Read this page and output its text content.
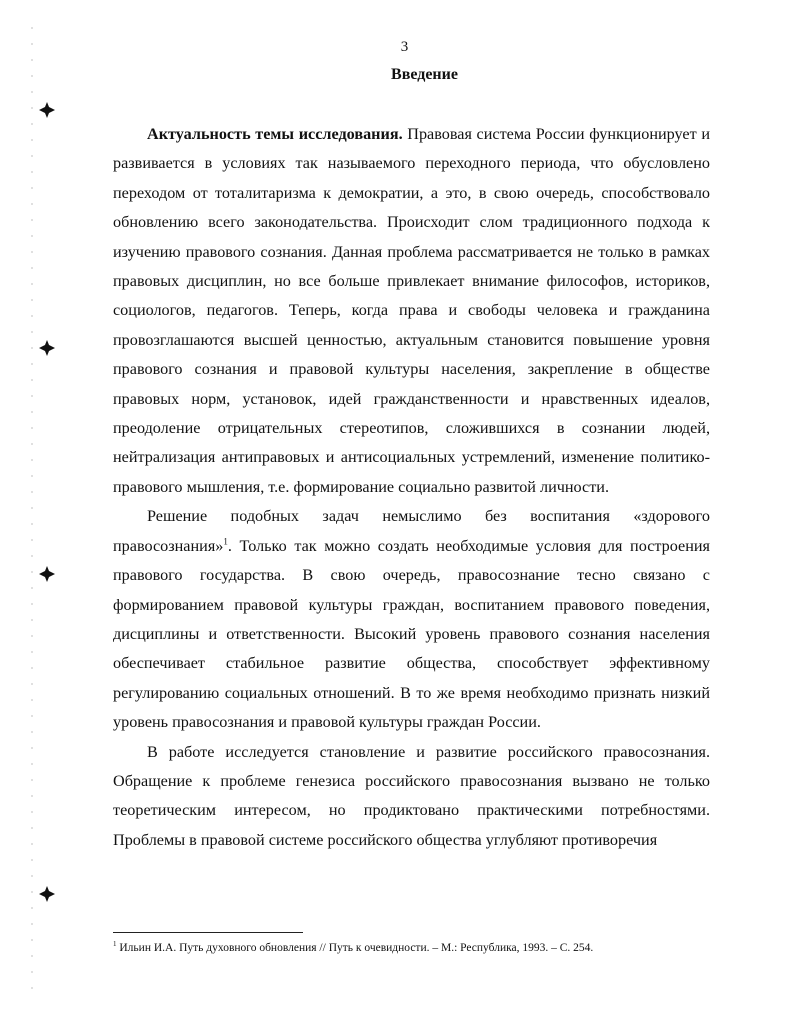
3
Введение

Актуальность темы исследования. Правовая система России функционирует и развивается в условиях так называемого переходного периода, что обусловлено переходом от тоталитаризма к демократии, а это, в свою очередь, способствовало обновлению всего законодательства. Происходит слом традиционного подхода к изучению правового сознания. Данная проблема рассматривается не только в рамках правовых дисциплин, но все больше привлекает внимание философов, историков, социологов, педагогов. Теперь, когда права и свободы человека и гражданина провозглашаются высшей ценностью, актуальным становится повышение уровня правового сознания и правовой культуры населения, закрепление в обществе правовых норм, установок, идей гражданственности и нравственных идеалов, преодоление отрицательных стереотипов, сложившихся в сознании людей, нейтрализация антиправовых и антисоциальных устремлений, изменение политико-правового мышления, т.е. формирование социально развитой личности.

Решение подобных задач немыслимо без воспитания «здорового правосознания»$^1$. Только так можно создать необходимые условия для построения правового государства. В свою очередь, правосознание тесно связано с формированием правовой культуры граждан, воспитанием правового поведения, дисциплины и ответственности. Высокий уровень правового сознания населения обеспечивает стабильное развитие общества, способствует эффективному регулированию социальных отношений. В то же время необходимо признать низкий уровень правосознания и правовой культуры граждан России.

В работе исследуется становление и развитие российского правосознания. Обращение к проблеме генезиса российского правосознания вызвано не только теоретическим интересом, но продиктовано практическими потребностями. Проблемы в правовой системе российского общества углубляют противоречия

$^1$ Ильин И.А. Путь духовного обновления // Путь к очевидности. – М.: Республика, 1993. – С. 254.
